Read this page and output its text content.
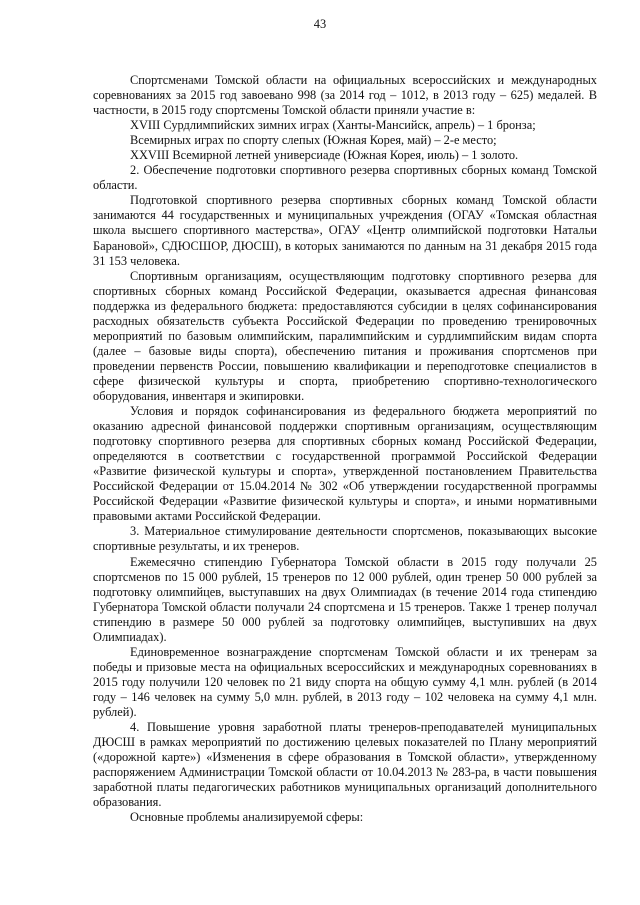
43

Спортсменами Томской области на официальных всероссийских и международных соревнованиях за 2015 год завоевано 998 (за 2014 год – 1012, в 2013 году – 625) медалей. В частности, в 2015 году спортсмены Томской области приняли участие в:

XVIII Сурдлимпийских зимних играх (Ханты-Мансийск, апрель) – 1 бронза;

Всемирных играх по спорту слепых (Южная Корея, май) – 2-е место;

XXVIII Всемирной летней универсиаде (Южная Корея, июль) – 1 золото.

2. Обеспечение подготовки спортивного резерва спортивных сборных команд Томской области.

Подготовкой спортивного резерва спортивных сборных команд Томской области занимаются 44 государственных и муниципальных учреждения (ОГАУ «Томская областная школа высшего спортивного мастерства», ОГАУ «Центр олимпийской подготовки Натальи Барановой», СДЮСШОР, ДЮСШ), в которых занимаются по данным на 31 декабря 2015 года 31 153 человека.

Спортивным организациям, осуществляющим подготовку спортивного резерва для спортивных сборных команд Российской Федерации, оказывается адресная финансовая поддержка из федерального бюджета: предоставляются субсидии в целях софинансирования расходных обязательств субъекта Российской Федерации по проведению тренировочных мероприятий по базовым олимпийским, паралимпийским и сурдлимпийским видам спорта (далее – базовые виды спорта), обеспечению питания и проживания спортсменов при проведении первенств России, повышению квалификации и переподготовке специалистов в сфере физической культуры и спорта, приобретению спортивно-технологического оборудования, инвентаря и экипировки.

Условия и порядок софинансирования из федерального бюджета мероприятий по оказанию адресной финансовой поддержки спортивным организациям, осуществляющим подготовку спортивного резерва для спортивных сборных команд Российской Федерации, определяются в соответствии с государственной программой Российской Федерации «Развитие физической культуры и спорта», утвержденной постановлением Правительства Российской Федерации от 15.04.2014 № 302 «Об утверждении государственной программы Российской Федерации «Развитие физической культуры и спорта», и иными нормативными правовыми актами Российской Федерации.

3. Материальное стимулирование деятельности спортсменов, показывающих высокие спортивные результаты, и их тренеров.

Ежемесячно стипендию Губернатора Томской области в 2015 году получали 25 спортсменов по 15 000 рублей, 15 тренеров по 12 000 рублей, один тренер 50 000 рублей за подготовку олимпийцев, выступавших на двух Олимпиадах (в течение 2014 года стипендию Губернатора Томской области получали 24 спортсмена и 15 тренеров. Также 1 тренер получал стипендию в размере 50 000 рублей за подготовку олимпийцев, выступивших на двух Олимпиадах).

Единовременное вознаграждение спортсменам Томской области и их тренерам за победы и призовые места на официальных всероссийских и международных соревнованиях в 2015 году получили 120 человек по 21 виду спорта на общую сумму 4,1 млн. рублей (в 2014 году – 146 человек на сумму 5,0 млн. рублей, в 2013 году – 102 человека на сумму 4,1 млн. рублей).

4. Повышение уровня заработной платы тренеров-преподавателей муниципальных ДЮСШ в рамках мероприятий по достижению целевых показателей по Плану мероприятий («дорожной карте») «Изменения в сфере образования в Томской области», утвержденному распоряжением Администрации Томской области от 10.04.2013 № 283-ра, в части повышения заработной платы педагогических работников муниципальных организаций дополнительного образования.

Основные проблемы анализируемой сферы:
